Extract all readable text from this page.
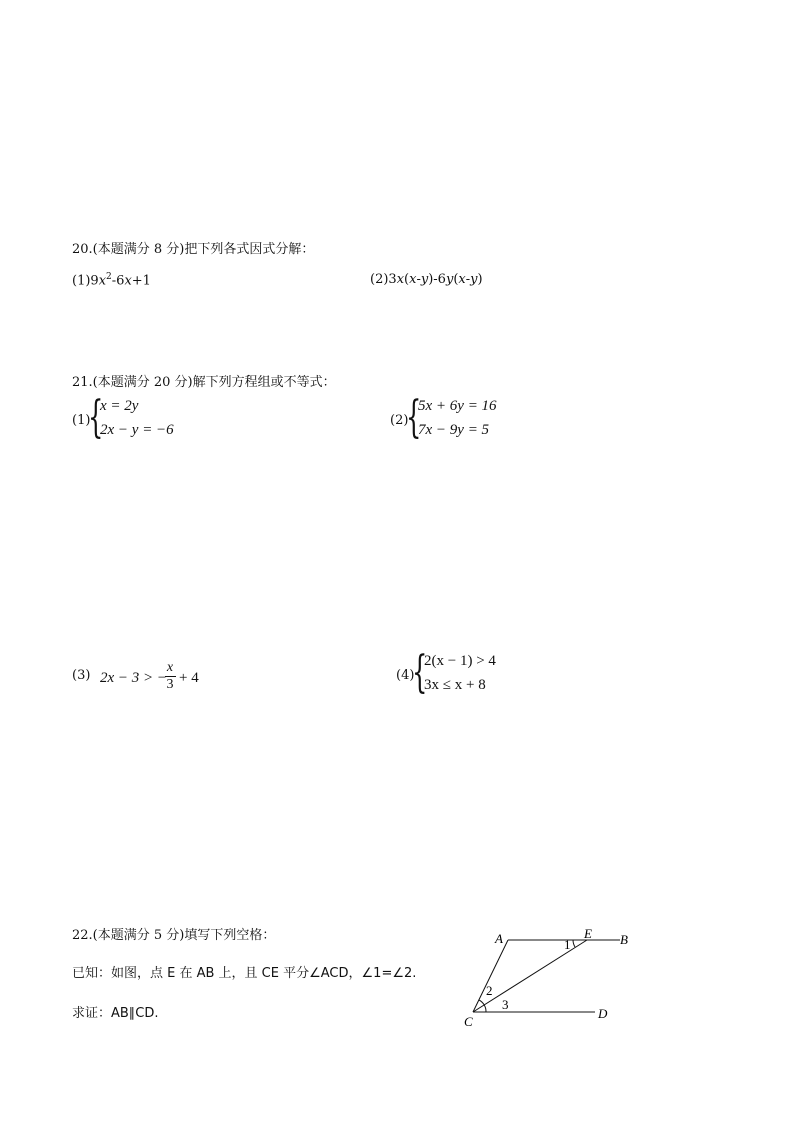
20.(本题满分 8 分)把下列各式因式分解：
$(1)9x^2-6x+1$	(2)3x(x-y)-6y(x-y)
21.(本题满分 20 分)解下列方程组或不等式：
(1)
{
x = 2y
2x − y = −6
(2)
{
5x + 6y = 16
7x − 9y = 5
(3) 2x − 3 > −
x
3 + 4	(4)
{
2(x − 1) > 4
3x ≤ x + 8
22.(本题满分 5 分)填写下列空格：
已知：如图，点 E 在 AB 上，且 CE 平分∠ACD，∠1=∠2.
求证：AB∥CD.
A	E B
C
D
1
2
3
